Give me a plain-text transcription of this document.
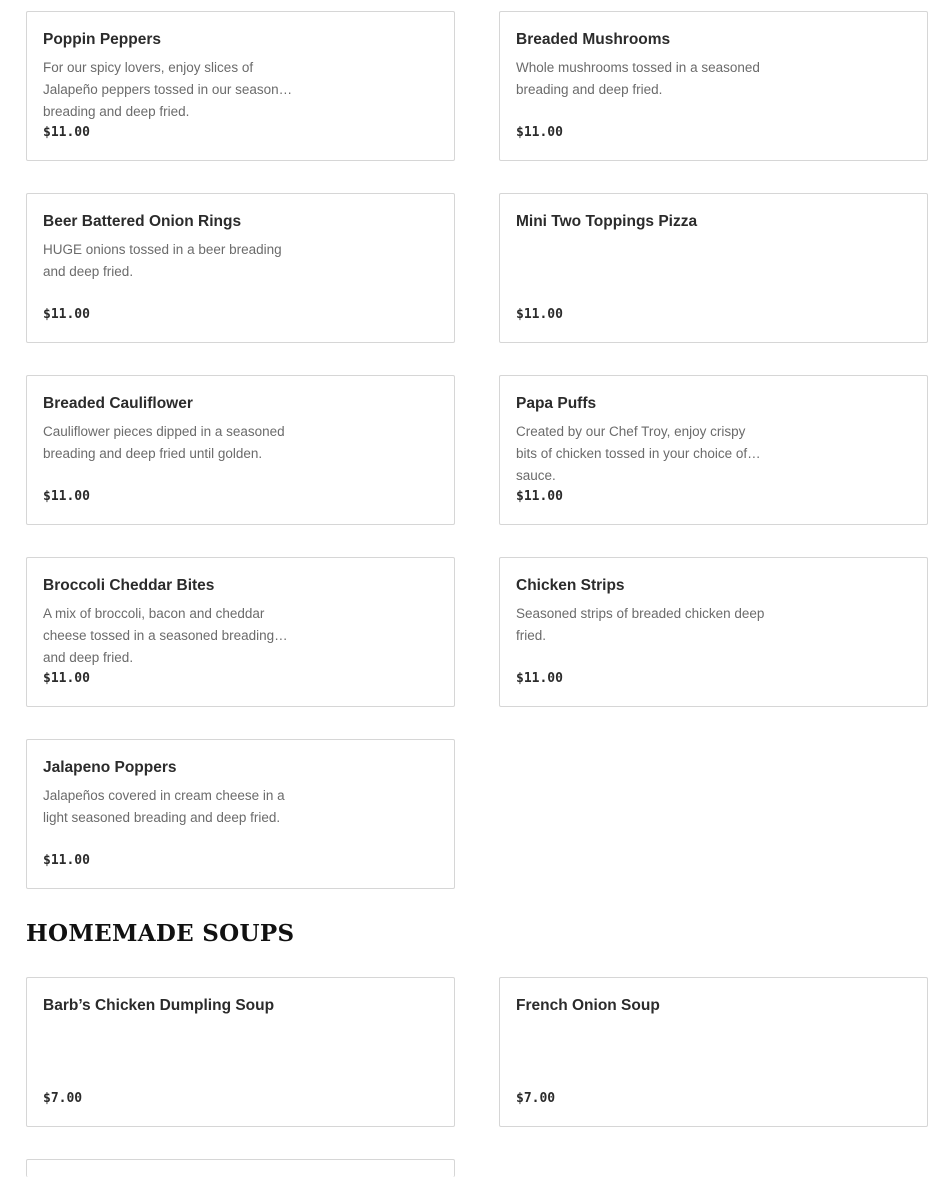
Poppin Peppers
For our spicy lovers, enjoy slices of Jalapeño peppers tossed in our seasoned breading and deep fried.
$11.00
Breaded Mushrooms
Whole mushrooms tossed in a seasoned breading and deep fried.
$11.00
Beer Battered Onion Rings
HUGE onions tossed in a beer breading and deep fried.
$11.00
Mini Two Toppings Pizza
$11.00
Breaded Cauliflower
Cauliflower pieces dipped in a seasoned breading and deep fried until golden.
$11.00
Papa Puffs
Created by our Chef Troy, enjoy crispy bits of chicken tossed in your choice of sauce.
$11.00
Broccoli Cheddar Bites
A mix of broccoli, bacon and cheddar cheese tossed in a seasoned breading and deep fried.
$11.00
Chicken Strips
Seasoned strips of breaded chicken deep fried.
$11.00
Jalapeno Poppers
Jalapeños covered in cream cheese in a light seasoned breading and deep fried.
$11.00
HOMEMADE SOUPS
Barb’s Chicken Dumpling Soup
$7.00
French Onion Soup
$7.00
